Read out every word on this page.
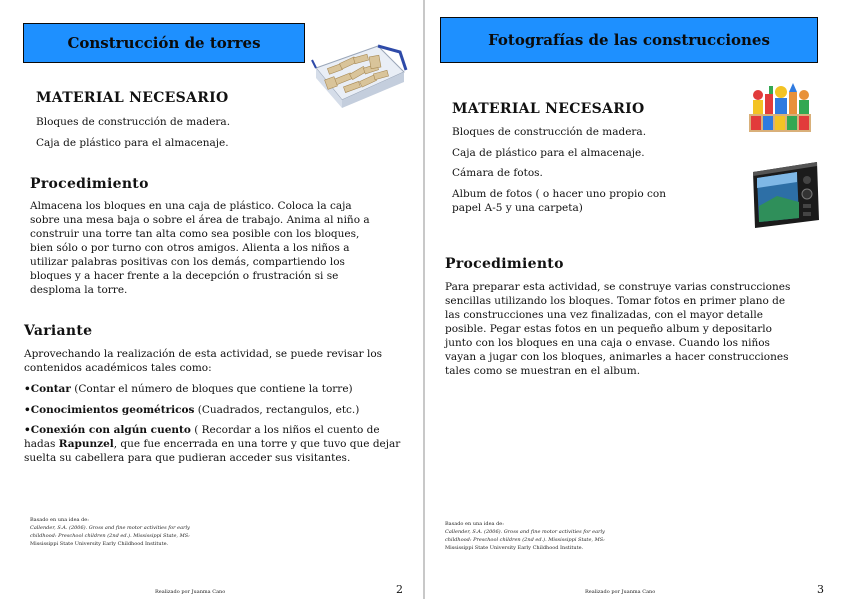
Construcción de torres
MATERIAL NECESARIO
Bloques de construcción de madera.
Caja de plástico para el almacenaje.
Procedimiento
Almacena los bloques en una caja de plástico. Coloca la caja
sobre una mesa baja o sobre el área de trabajo. Anima al niño a
construir una torre tan alta como sea posible con los bloques,
bien sólo o por turno con otros amigos. Alienta a los niños a
utilizar palabras positivas con los demás, compartiendo los
bloques y a hacer frente a la decepción o frustración si se
desploma la torre.
Variante
Aprovechando la realización de esta actividad, se puede revisar los
contenidos académicos tales como:
•Contar (Contar el número de bloques que contiene la torre)
•Conocimientos geométricos (Cuadrados, rectangulos, etc.)
•Conexión con algún cuento ( Recordar a los niños el cuento de
hadas Rapunzel, que fue encerrada en una torre y que tuvo que dejar
suelta su cabellera para que pudieran acceder sus visitantes.
Basado en una idea de:
Callender, S.A. (2006). Gross and fine motor activities for early
childhood: Preschool children (2nd ed.). Mississippi State, MS:
Mississippi State University Early Childhood Institute.
Realizado por Juanma Cano	2
Fotografías de las construcciones
MATERIAL NECESARIO
Bloques de construcción de madera.
Caja de plástico para el almacenaje.
Cámara de fotos.
Album de fotos ( o hacer uno propio con
papel A-5 y una carpeta)
Procedimiento
Para preparar esta actividad, se construye varias construcciones
sencillas utilizando los bloques. Tomar fotos en primer plano de
las construcciones una vez finalizadas, con el mayor detalle
posible. Pegar estas fotos en un pequeño album y depositarlo
junto con los bloques en una caja o envase. Cuando los niños
vayan a jugar con los bloques, animarles a hacer construcciones
tales como se muestran en el album.
Basado en una idea de:
Callender, S.A. (2006). Gross and fine motor activities for early
childhood: Preschool children (2nd ed.). Mississippi State, MS:
Mississippi State University Early Childhood Institute.
Realizado por Juanma Cano	3
